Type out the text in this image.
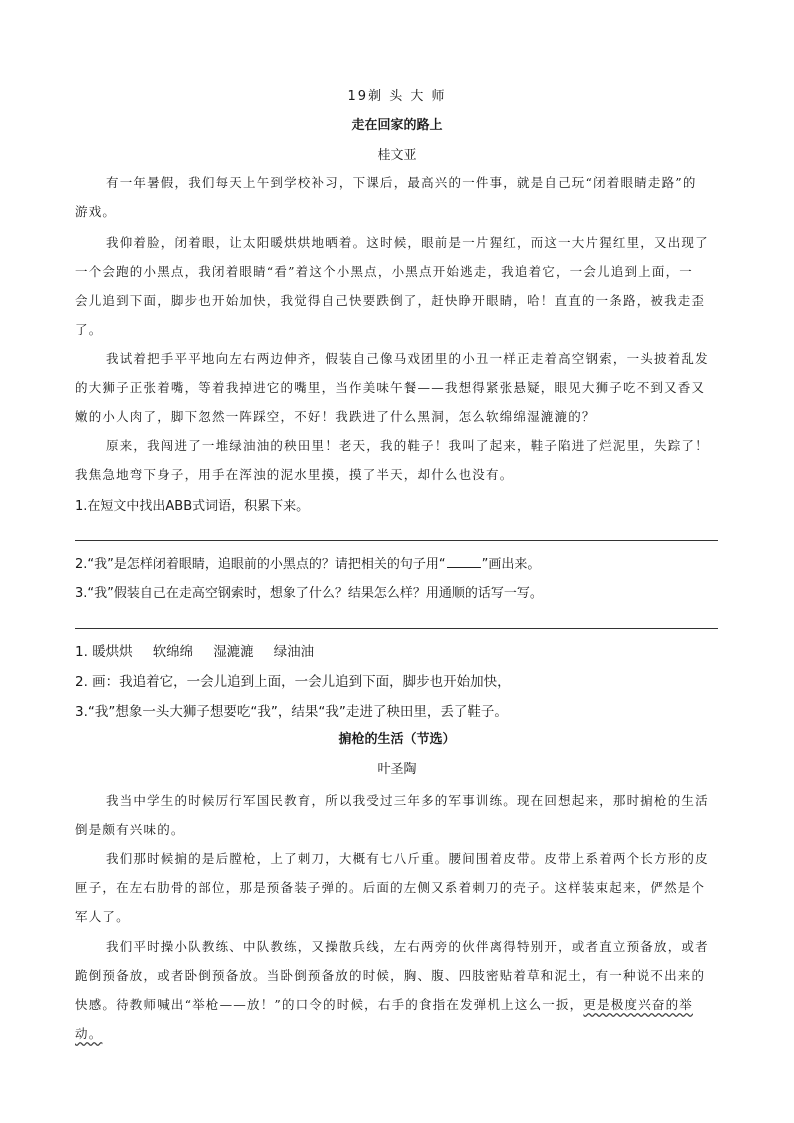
19剃 头 大 师
走在回家的路上
桂文亚
有一年暑假，我们每天上午到学校补习，下课后，最高兴的一件事，就是自己玩“闭着眼睛走路”的
游戏。
我仰着脸，闭着眼，让太阳暖烘烘地晒着。这时候，眼前是一片猩红，而这一大片猩红里，又出现了
一个会跑的小黑点，我闭着眼睛“看”着这个小黑点，小黑点开始逃走，我追着它，一会儿追到上面，一
会儿追到下面，脚步也开始加快，我觉得自己快要跌倒了，赶快睁开眼睛，哈！直直的一条路，被我走歪
了。
我试着把手平平地向左右两边伸齐，假装自己像马戏团里的小丑一样正走着高空钢索，一头披着乱发
的大狮子正张着嘴，等着我掉进它的嘴里，当作美味午餐——我想得紧张悬疑，眼见大狮子吃不到又香又
嫩的小人肉了，脚下忽然一阵踩空，不好！我跌进了什么黑洞，怎么软绵绵湿漉漉的？
原来，我闯进了一堆绿油油的秧田里！老天，我的鞋子！我叫了起来，鞋子陷进了烂泥里，失踪了！
我焦急地弯下身子，用手在浑浊的泥水里摸，摸了半天，却什么也没有。
1.在短文中找出ABB式词语，积累下来。
2.“我”是怎样闭着眼睛，追眼前的小黑点的？请把相关的句子用“	”画出来。
3.“我”假装自己在走高空钢索时，想象了什么？结果怎么样？用通顺的话写一写。
1. 暖烘烘 软绵绵 湿漉漉 绿油油
2. 画：我追着它，一会儿追到上面，一会儿追到下面，脚步也开始加快，
3.“我”想象一头大狮子想要吃“我”，结果“我”走进了秧田里，丢了鞋子。
掮枪的生活（节选）
叶圣陶
我当中学生的时候厉行军国民教育，所以我受过三年多的军事训练。现在回想起来，那时掮枪的生活
倒是颇有兴味的。
我们那时候掮的是后膛枪，上了刺刀，大概有七八斤重。腰间围着皮带。皮带上系着两个长方形的皮
匣子，在左右肋骨的部位，那是预备装子弹的。后面的左侧又系着刺刀的壳子。这样装束起来，俨然是个
军人了。
我们平时操小队教练、中队教练，又操散兵线，左右两旁的伙伴离得特别开，或者直立预备放，或者
跪倒预备放，或者卧倒预备放。当卧倒预备放的时候，胸、腹、四肢密贴着草和泥土，有一种说不出来的
快感。待教师喊出“举枪——放！”的口令的时候，右手的食指在发弹机上这么一扳，更是极度兴奋的举
动。
